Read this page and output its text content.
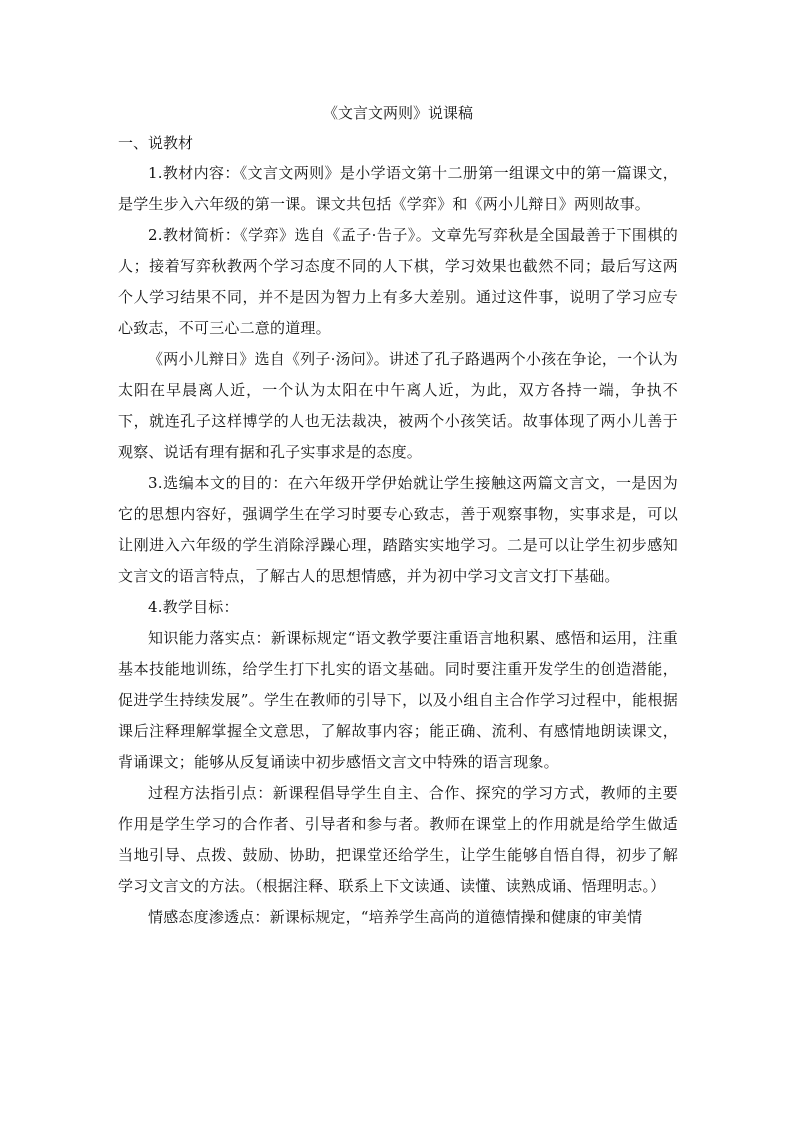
《文言文两则》说课稿
一、说教材

1.教材内容：《文言文两则》是小学语文第十二册第一组课文中的第一篇课文，是学生步入六年级的第一课。课文共包括《学弈》和《两小儿辩日》两则故事。

2.教材简析：《学弈》选自《孟子·告子》。文章先写弈秋是全国最善于下围棋的人；接着写弈秋教两个学习态度不同的人下棋，学习效果也截然不同；最后写这两个人学习结果不同，并不是因为智力上有多大差别。通过这件事，说明了学习应专心致志，不可三心二意的道理。

《两小儿辩日》选自《列子·汤问》。讲述了孔子路遇两个小孩在争论，一个认为太阳在早晨离人近，一个认为太阳在中午离人近，为此，双方各持一端，争执不下，就连孔子这样博学的人也无法裁决，被两个小孩笑话。故事体现了两小儿善于观察、说话有理有据和孔子实事求是的态度。

3.选编本文的目的：在六年级开学伊始就让学生接触这两篇文言文，一是因为它的思想内容好，强调学生在学习时要专心致志，善于观察事物，实事求是，可以让刚进入六年级的学生消除浮躁心理，踏踏实实地学习。二是可以让学生初步感知文言文的语言特点，了解古人的思想情感，并为初中学习文言文打下基础。

4.教学目标：

知识能力落实点：新课标规定“语文教学要注重语言地积累、感悟和运用，注重基本技能地训练，给学生打下扎实的语文基础。同时要注重开发学生的创造潜能，促进学生持续发展”。学生在教师的引导下，以及小组自主合作学习过程中，能根据课后注释理解掌握全文意思，了解故事内容；能正确、流利、有感情地朗读课文，背诵课文；能够从反复诵读中初步感悟文言文中特殊的语言现象。

过程方法指引点：新课程倡导学生自主、合作、探究的学习方式，教师的主要作用是学生学习的合作者、引导者和参与者。教师在课堂上的作用就是给学生做适当地引导、点拨、鼓励、协助，把课堂还给学生，让学生能够自悟自得，初步了解学习文言文的方法。（根据注释、联系上下文读通、读懂、读熟成诵、悟理明志。）

情感态度渗透点：新课标规定，“培养学生高尚的道德情操和健康的审美情
